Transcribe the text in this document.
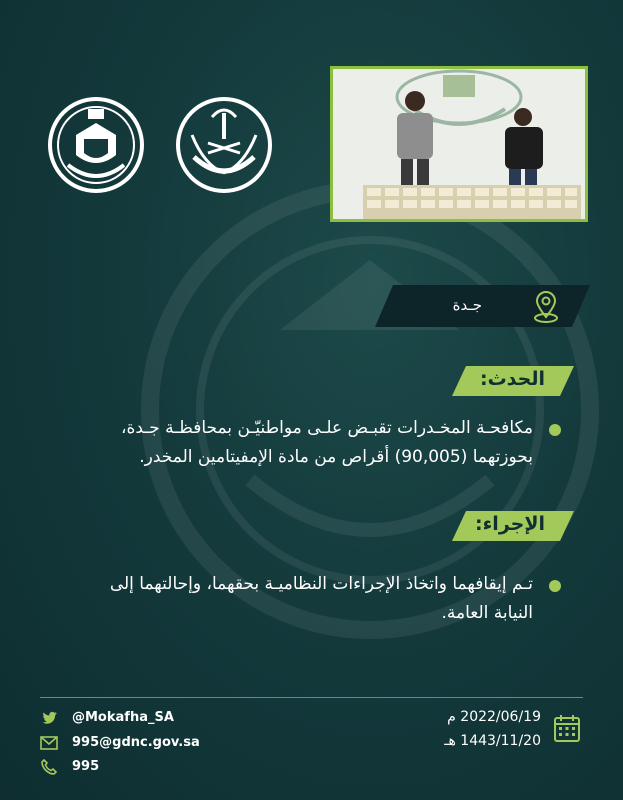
جـدة
الحدث:
مكافحـة المخـدرات تقبـض علـى مواطنيّـن بمحافظـة جـدة،
بحوزتهما (90,005) أقراص من مادة الإمفيتامين المخدر.
الإجراء:
تـم إيقافهما واتخاذ الإجراءات النظاميـة بحقهما، وإحالتهما إلى
النيابة العامة.
@Mokafha_SA
995@gdnc.gov.sa
995
2022/06/19 م
1443/11/20 هـ
